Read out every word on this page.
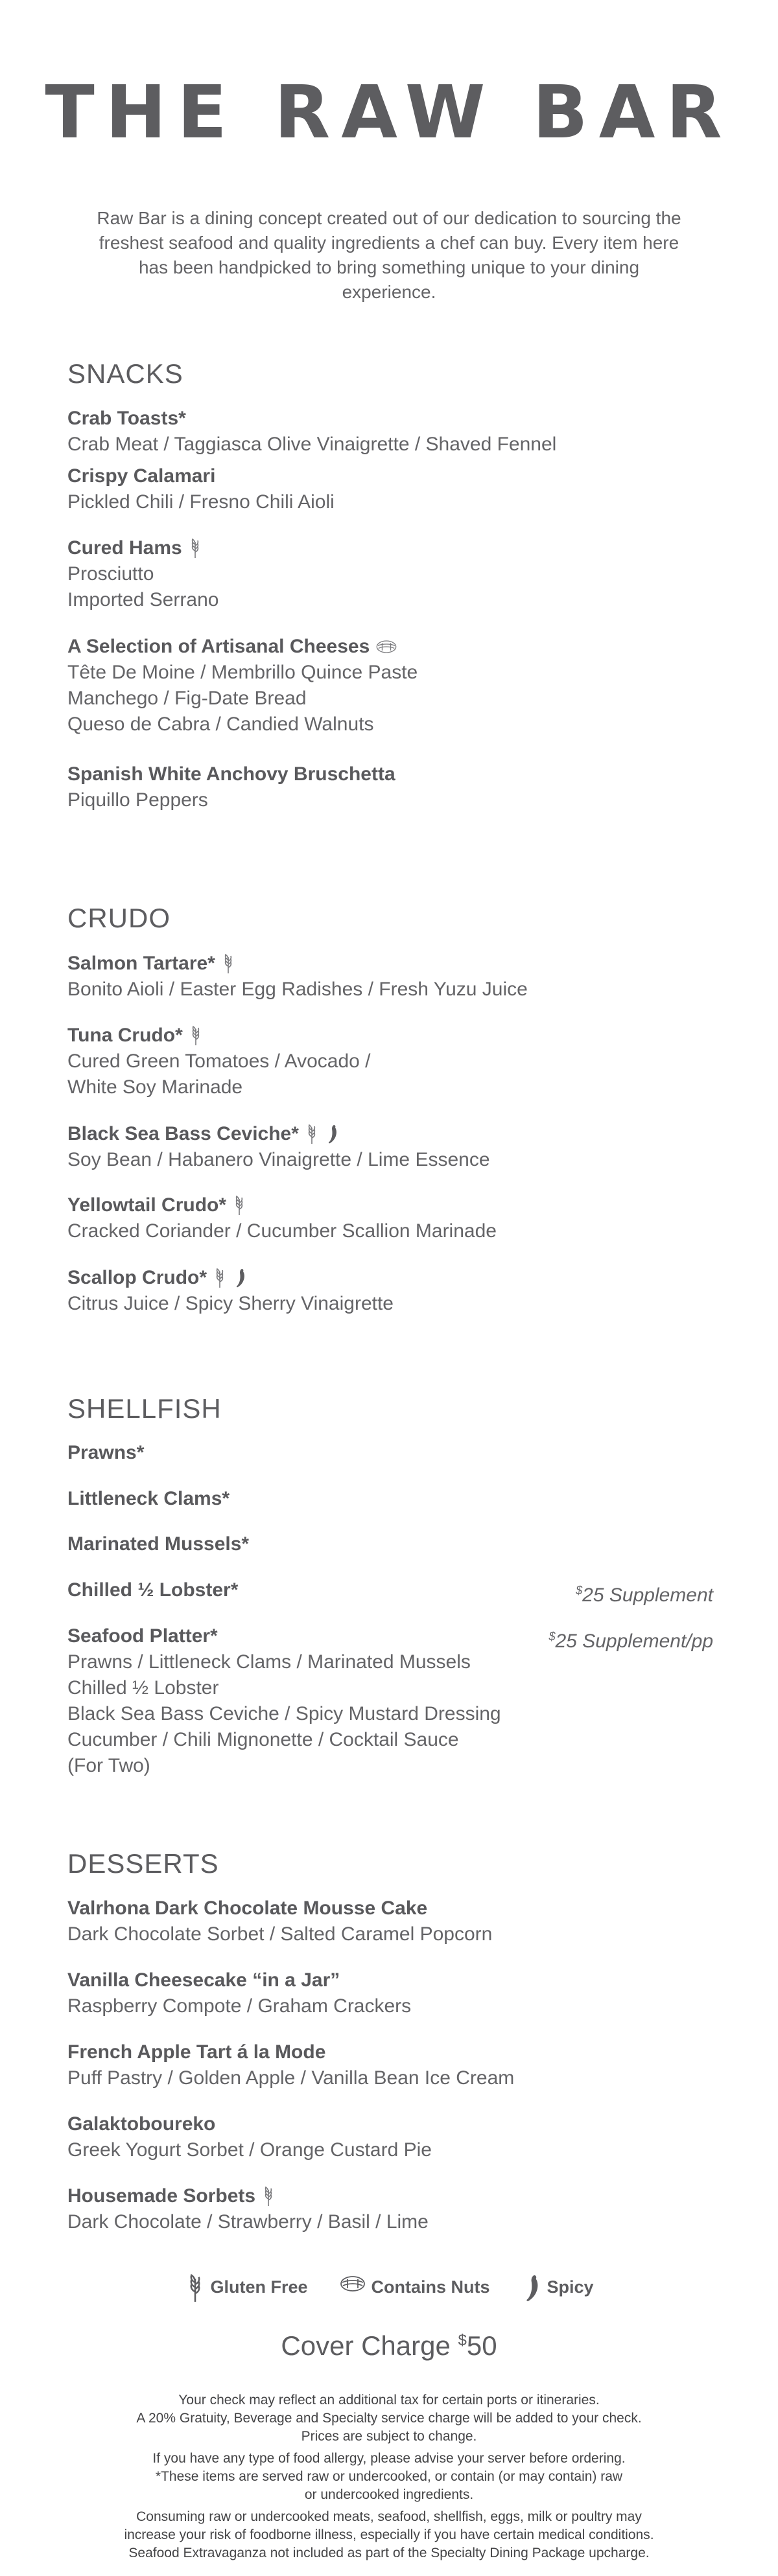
THE RAW BAR
Raw Bar is a dining concept created out of our dedication to sourcing the freshest seafood and quality ingredients a chef can buy. Every item here has been handpicked to bring something unique to your dining experience.
SNACKS
CRUDO
SHELLFISH
DESSERTS
Crab Toasts*
Crab Meat / Taggiasca Olive Vinaigrette / Shaved Fennel
Crispy Calamari
Pickled Chili / Fresno Chili Aioli
Cured Hams
Prosciutto
Imported Serrano
A Selection of Artisanal Cheeses
Tête De Moine / Membrillo Quince Paste
Manchego / Fig-Date Bread
Queso de Cabra / Candied Walnuts
Spanish White Anchovy Bruschetta
Piquillo Peppers
Salmon Tartare*
Bonito Aioli / Easter Egg Radishes / Fresh Yuzu Juice
Tuna Crudo*
Cured Green Tomatoes / Avocado /
White Soy Marinade
Black Sea Bass Ceviche*
Soy Bean / Habanero Vinaigrette / Lime Essence
Yellowtail Crudo*
Cracked Coriander / Cucumber Scallion Marinade
Scallop Crudo*
Citrus Juice / Spicy Sherry Vinaigrette
Prawns*
Littleneck Clams*
Marinated Mussels*
Chilled ½ Lobster*	$25 Supplement
Seafood Platter*	$25 Supplement/pp
Prawns / Littleneck Clams / Marinated Mussels
Chilled ½ Lobster
Black Sea Bass Ceviche / Spicy Mustard Dressing
Cucumber / Chili Mignonette / Cocktail Sauce
(For Two)
Valrhona Dark Chocolate Mousse Cake
Dark Chocolate Sorbet / Salted Caramel Popcorn
Vanilla Cheesecake “in a Jar”
Raspberry Compote / Graham Crackers
French Apple Tart á la Mode
Puff Pastry / Golden Apple / Vanilla Bean Ice Cream
Galaktoboureko
Greek Yogurt Sorbet / Orange Custard Pie
Housemade Sorbets
Dark Chocolate / Strawberry / Basil / Lime
Gluten Free	Contains Nuts	Spicy
Cover Charge $50

Your check may reflect an additional tax for certain ports or itineraries.
A 20% Gratuity, Beverage and Specialty service charge will be added to your check.
Prices are subject to change.

If you have any type of food allergy, please advise your server before ordering.
*These items are served raw or undercooked, or contain (or may contain) raw
or undercooked ingredients.

Consuming raw or undercooked meats, seafood, shellfish, eggs, milk or poultry may
increase your risk of foodborne illness, especially if you have certain medical conditions.
Seafood Extravaganza not included as part of the Specialty Dining Package upcharge.
